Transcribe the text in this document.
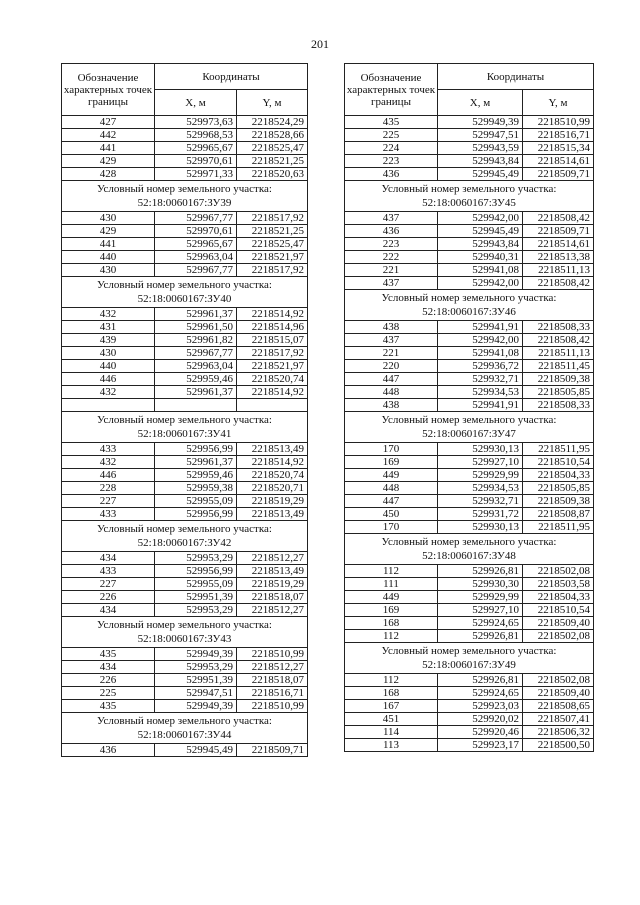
201
Обозначение характерных точек границы	Координаты	
	X, м	Y, м
427	529973,63	2218524,29
442	529968,53	2218528,66
441	529965,67	2218525,47
429	529970,61	2218521,25
428	529971,33	2218520,63

Условный номер земельного участка:
52:18:0060167:ЗУ39		

430	529967,77	2218517,92
429	529970,61	2218521,25
441	529965,67	2218525,47
440	529963,04	2218521,97
430	529967,77	2218517,92

Условный номер земельного участка:
52:18:0060167:ЗУ40		

432	529961,37	2218514,92
431	529961,50	2218514,96
439	529961,82	2218515,07
430	529967,77	2218517,92
440	529963,04	2218521,97
446	529959,46	2218520,74
432	529961,37	2218514,92

Условный номер земельного участка:
52:18:0060167:ЗУ41		

433	529956,99	2218513,49
432	529961,37	2218514,92
446	529959,46	2218520,74
228	529959,38	2218520,71
227	529955,09	2218519,29
433	529956,99	2218513,49

Условный номер земельного участка:
52:18:0060167:ЗУ42		

434	529953,29	2218512,27
433	529956,99	2218513,49
227	529955,09	2218519,29
226	529951,39	2218518,07
434	529953,29	2218512,27

Условный номер земельного участка:
52:18:0060167:ЗУ43		

435	529949,39	2218510,99
434	529953,29	2218512,27
226	529951,39	2218518,07
225	529947,51	2218516,71
435	529949,39	2218510,99

Условный номер земельного участка:
52:18:0060167:ЗУ44		

436	529945,49	2218509,71
Обозначение характерных точек границы	Координаты	
	X, м	Y, м
435	529949,39	2218510,99
225	529947,51	2218516,71
224	529943,59	2218515,34
223	529943,84	2218514,61
436	529945,49	2218509,71

Условный номер земельного участка:
52:18:0060167:ЗУ45		

437	529942,00	2218508,42
436	529945,49	2218509,71
223	529943,84	2218514,61
222	529940,31	2218513,38
221	529941,08	2218511,13
437	529942,00	2218508,42

Условный номер земельного участка:
52:18:0060167:ЗУ46		

438	529941,91	2218508,33
437	529942,00	2218508,42
221	529941,08	2218511,13
220	529936,72	2218511,45
447	529932,71	2218509,38
448	529934,53	2218505,85
438	529941,91	2218508,33

Условный номер земельного участка:
52:18:0060167:ЗУ47		

170	529930,13	2218511,95
169	529927,10	2218510,54
449	529929,99	2218504,33
448	529934,53	2218505,85
447	529932,71	2218509,38
450	529931,72	2218508,87
170	529930,13	2218511,95

Условный номер земельного участка:
52:18:0060167:ЗУ48		

112	529926,81	2218502,08
111	529930,30	2218503,58
449	529929,99	2218504,33
169	529927,10	2218510,54
168	529924,65	2218509,40
112	529926,81	2218502,08

Условный номер земельного участка:
52:18:0060167:ЗУ49		

112	529926,81	2218502,08
168	529924,65	2218509,40
167	529923,03	2218508,65
451	529920,02	2218507,41
114	529920,46	2218506,32
113	529923,17	2218500,50
